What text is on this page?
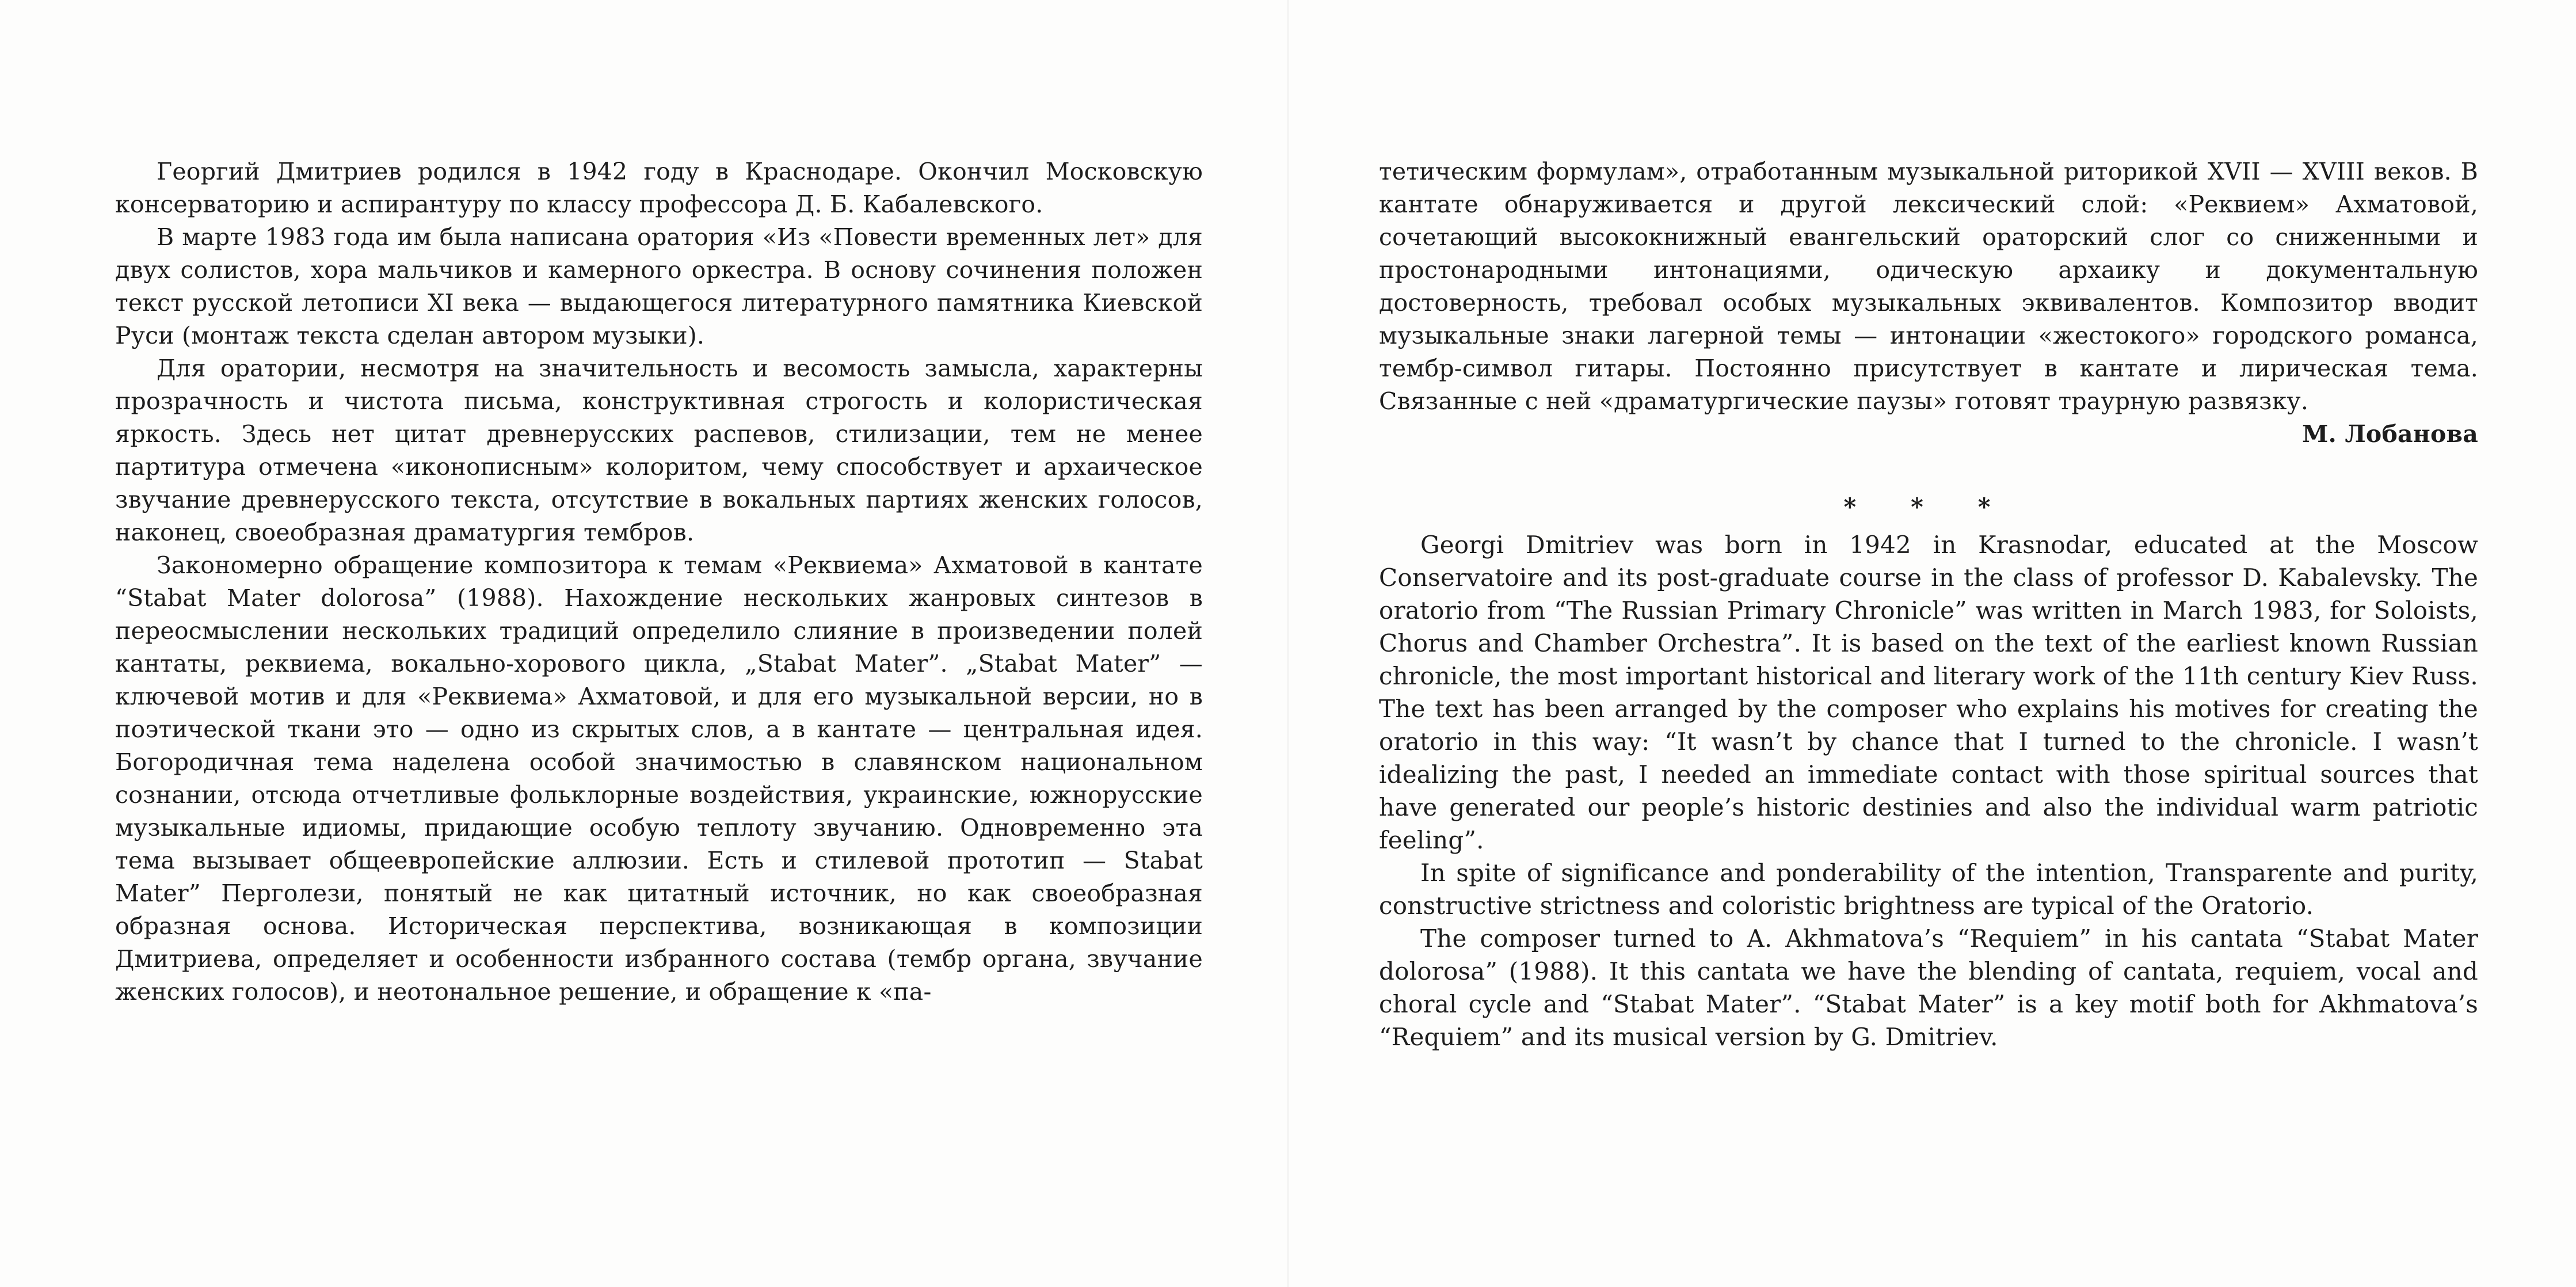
Георгий Дмитриев родился в 1942 году в Краснодаре. Окончил Московскую консерваторию и аспирантуру по классу профессора Д. Б. Кабалевского.

В марте 1983 года им была написана оратория «Из «Повести временных лет» для двух солистов, хора мальчиков и камерного оркестра. В основу сочинения положен текст русской летописи XI века — выдающегося литературного памятника Киевской Руси (монтаж текста сделан автором музыки).

Для оратории, несмотря на значительность и весомость замысла, характерны прозрачность и чистота письма, конструктивная строгость и колористическая яркость. Здесь нет цитат древнерусских распевов, стилизации, тем не менее партитура отмечена «иконописным» колоритом, чему способствует и архаическое звучание древнерусского текста, отсутствие в вокальных партиях женских голосов, наконец, своеобразная драматургия тембров.

Закономерно обращение композитора к темам «Реквиема» Ахматовой в кантате “Stabat Mater dolorosa” (1988). Нахождение нескольких жанровых синтезов в переосмыслении нескольких традиций определило слияние в произведении полей кантаты, реквиема, вокально-хорового цикла, „Stabat Mater”. „Stabat Mater” — ключевой мотив и для «Реквиема» Ахматовой, и для его музыкальной версии, но в поэтической ткани это — одно из скрытых слов, а в кантате — центральная идея. Богородичная тема наделена особой значимостью в славянском национальном сознании, отсюда отчетливые фольклорные воздействия, украинские, южнорусские музыкальные идиомы, придающие особую теплоту звучанию. Одновременно эта тема вызывает общеевропейские аллюзии. Есть и стилевой прототип — Stabat Mater” Перголези, понятый не как цитатный источник, но как своеобразная образная основа. Историческая перспектива, возникающая в композиции Дмитриева, определяет и особенности избранного состава (тембр органа, звучание женских голосов), и неотональное решение, и обращение к «па-

тетическим формулам», отработанным музыкальной риторикой XVII — XVIII веков. В кантате обнаруживается и другой лексический слой: «Реквием» Ахматовой, сочетающий высококнижный евангельский ораторский слог со сниженными и простонародными интонациями, одическую архаику и документальную достоверность, требовал особых музыкальных эквивалентов. Композитор вводит музыкальные знаки лагерной темы — интонации «жестокого» городского романса, тембр-символ гитары. Постоянно присутствует в кантате и лирическая тема. Связанные с ней «драматургические паузы» готовят траурную развязку.

М. Лобанова

* * *

Georgi Dmitriev was born in 1942 in Krasnodar, educated at the Moscow Conservatoire and its post-graduate course in the class of professor D. Kabalevsky. The oratorio from “The Russian Primary Chronicle” was written in March 1983, for Soloists, Chorus and Chamber Orchestra”. It is based on the text of the earliest known Russian chronicle, the most important historical and literary work of the 11th century Kiev Russ. The text has been arranged by the composer who explains his motives for creating the oratorio in this way: “It wasn’t by chance that I turned to the chronicle. I wasn’t idealizing the past, I needed an immediate contact with those spiritual sources that have generated our people’s historic destinies and also the individual warm patriotic feeling”.

In spite of significance and ponderability of the intention, Transparente and purity, constructive strictness and coloristic brightness are typical of the Oratorio.

The composer turned to A. Akhmatova’s “Requiem” in his cantata “Stabat Mater dolorosa” (1988). It this cantata we have the blending of cantata, requiem, vocal and choral cycle and “Stabat Mater”. “Stabat Mater” is a key motif both for Akhmatova’s “Requiem” and its musical version by G. Dmitriev.
